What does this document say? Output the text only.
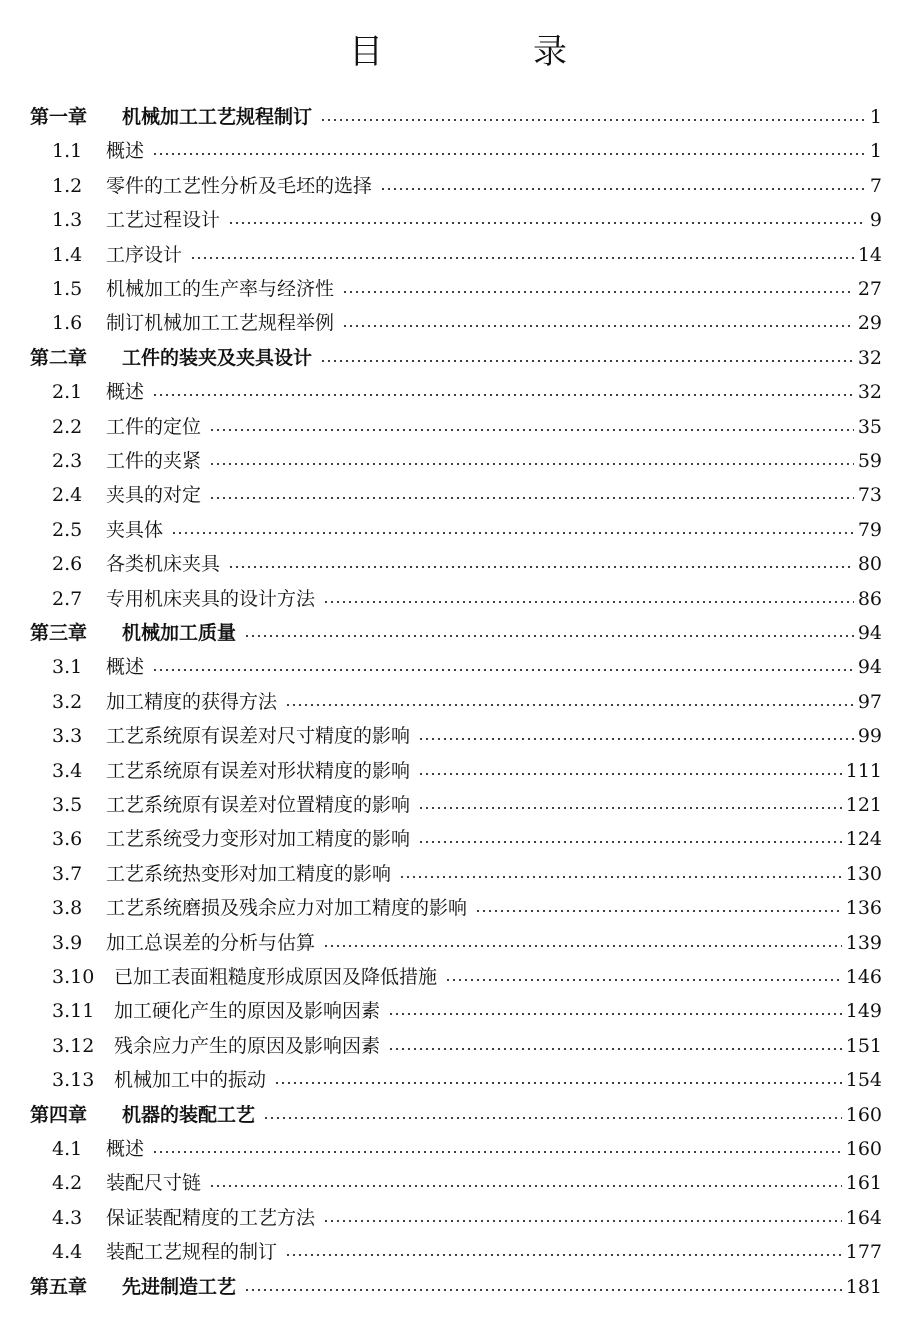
目　录
第一章	机械加工工艺规程制订	1
1.1	概述	1
1.2	零件的工艺性分析及毛坯的选择	7
1.3	工艺过程设计	9
1.4	工序设计	14
1.5	机械加工的生产率与经济性	27
1.6	制订机械加工工艺规程举例	29
第二章	工件的装夹及夹具设计	32
2.1	概述	32
2.2	工件的定位	35
2.3	工件的夹紧	59
2.4	夹具的对定	73
2.5	夹具体	79
2.6	各类机床夹具	80
2.7	专用机床夹具的设计方法	86
第三章	机械加工质量	94
3.1	概述	94
3.2	加工精度的获得方法	97
3.3	工艺系统原有误差对尺寸精度的影响	99
3.4	工艺系统原有误差对形状精度的影响	111
3.5	工艺系统原有误差对位置精度的影响	121
3.6	工艺系统受力变形对加工精度的影响	124
3.7	工艺系统热变形对加工精度的影响	130
3.8	工艺系统磨损及残余应力对加工精度的影响	136
3.9	加工总误差的分析与估算	139
3.10	已加工表面粗糙度形成原因及降低措施	146
3.11	加工硬化产生的原因及影响因素	149
3.12	残余应力产生的原因及影响因素	151
3.13	机械加工中的振动	154
第四章	机器的装配工艺	160
4.1	概述	160
4.2	装配尺寸链	161
4.3	保证装配精度的工艺方法	164
4.4	装配工艺规程的制订	177
第五章	先进制造工艺	181
